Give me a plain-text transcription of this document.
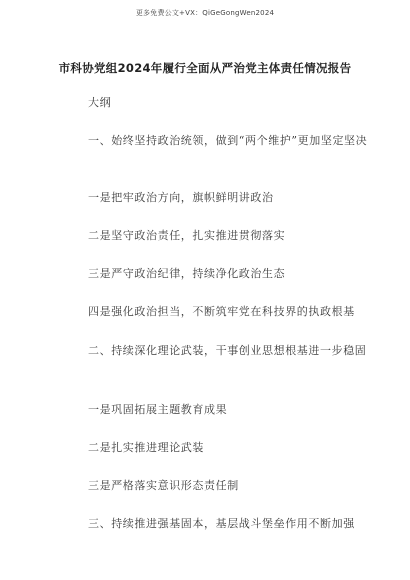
更多免费公文+VX：QiGeGongWen2024
市科协党组2024年履行全面从严治党主体责任情况报告
大纲
一、始终坚持政治统领，做到“两个维护”更加坚定坚决
一是把牢政治方向，旗帜鲜明讲政治
二是坚守政治责任，扎实推进贯彻落实
三是严守政治纪律，持续净化政治生态
四是强化政治担当，不断筑牢党在科技界的执政根基
二、持续深化理论武装，干事创业思想根基进一步稳固
一是巩固拓展主题教育成果
二是扎实推进理论武装
三是严格落实意识形态责任制
三、持续推进强基固本，基层战斗堡垒作用不断加强
